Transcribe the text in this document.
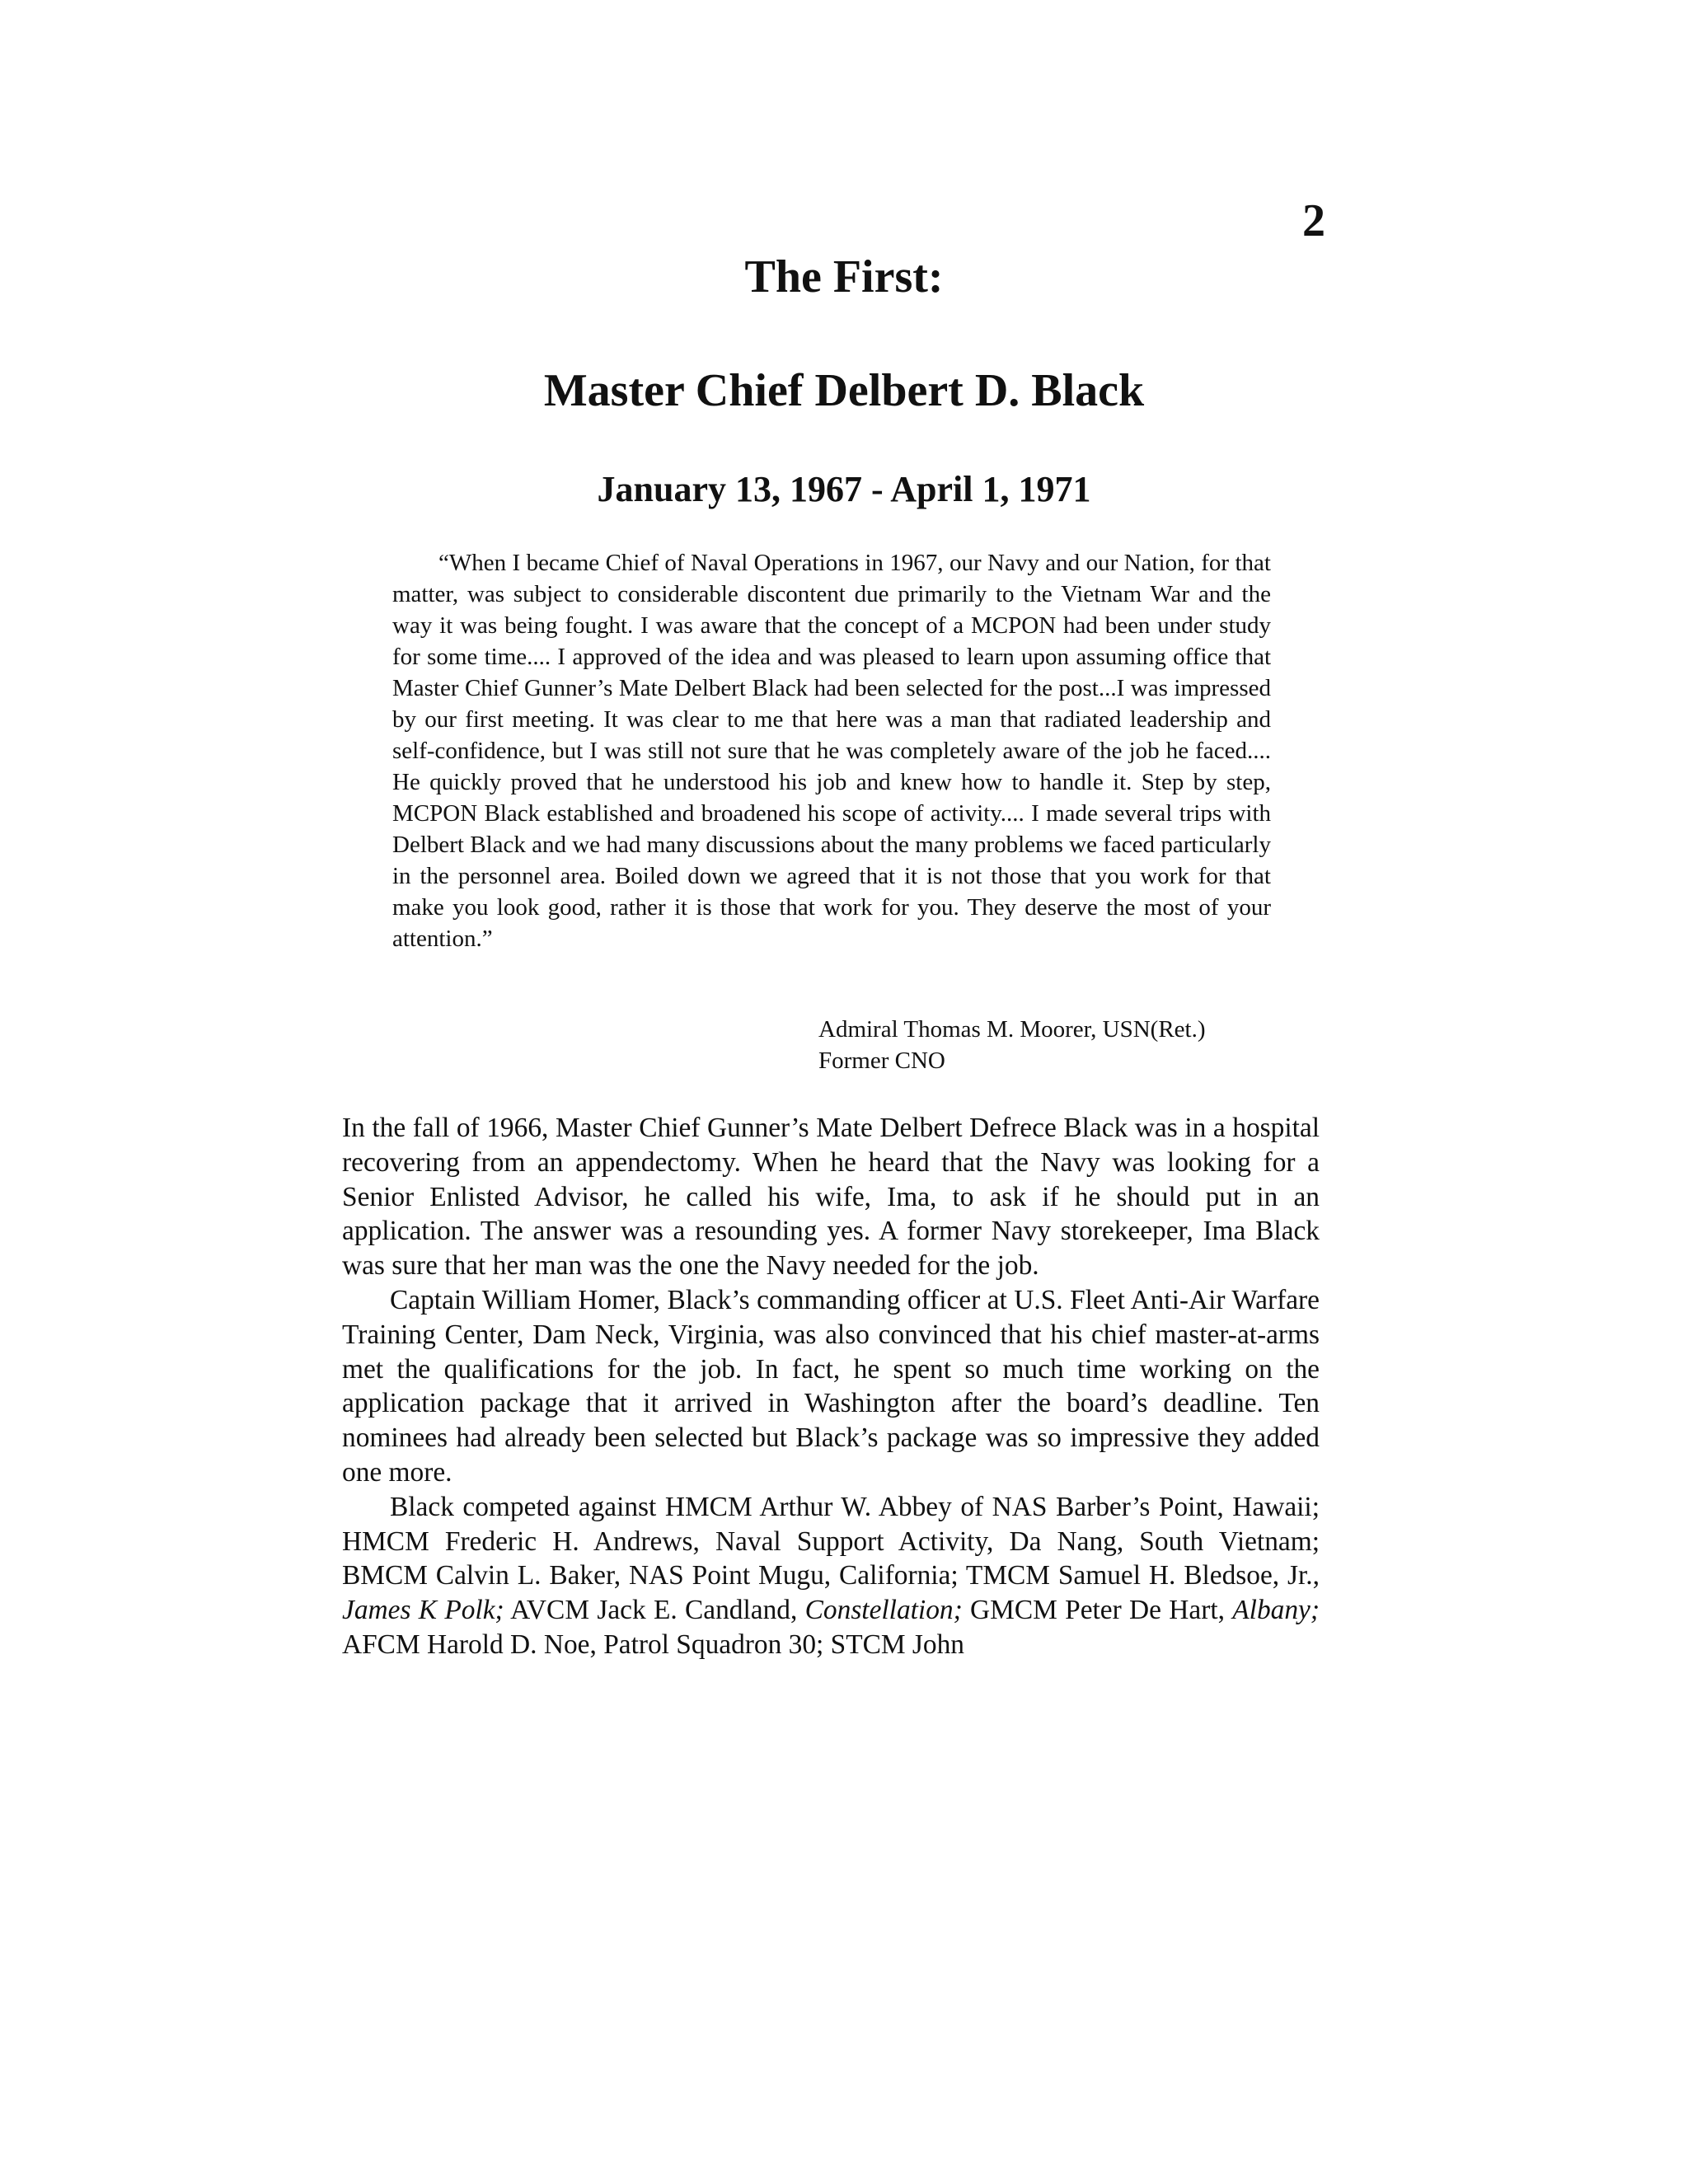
2
The First:
Master Chief Delbert D. Black
January 13, 1967 - April 1, 1971

“When I became Chief of Naval Operations in 1967, our Navy and our Nation, for that matter, was subject to considerable discontent due primarily to the Vietnam War and the way it was being fought. I was aware that the concept of a MCPON had been under study for some time.... I approved of the idea and was pleased to learn upon assuming office that Master Chief Gunner’s Mate Delbert Black had been selected for the post...I was impressed by our first meeting. It was clear to me that here was a man that radiated leadership and self-confidence, but I was still not sure that he was completely aware of the job he faced.... He quickly proved that he understood his job and knew how to handle it. Step by step, MCPON Black established and broadened his scope of activity.... I made several trips with Delbert Black and we had many discussions about the many problems we faced particularly in the personnel area. Boiled down we agreed that it is not those that you work for that make you look good, rather it is those that work for you. They deserve the most of your attention.”

Admiral Thomas M. Moorer, USN(Ret.)
Former CNO

In the fall of 1966, Master Chief Gunner’s Mate Delbert Defrece Black was in a hospital recovering from an appendectomy. When he heard that the Navy was looking for a Senior Enlisted Advisor, he called his wife, Ima, to ask if he should put in an application. The answer was a resounding yes. A former Navy storekeeper, Ima Black was sure that her man was the one the Navy needed for the job.

Captain William Homer, Black’s commanding officer at U.S. Fleet Anti-Air Warfare Training Center, Dam Neck, Virginia, was also convinced that his chief master-at-arms met the qualifications for the job. In fact, he spent so much time working on the application package that it arrived in Washington after the board’s deadline. Ten nominees had already been selected but Black’s package was so impressive they added one more.

Black competed against HMCM Arthur W. Abbey of NAS Barber’s Point, Hawaii; HMCM Frederic H. Andrews, Naval Support Activity, Da Nang, South Vietnam; BMCM Calvin L. Baker, NAS Point Mugu, California; TMCM Samuel H. Bledsoe, Jr., James K Polk; AVCM Jack E. Candland, Constellation; GMCM Peter De Hart, Albany; AFCM Harold D. Noe, Patrol Squadron 30; STCM John
